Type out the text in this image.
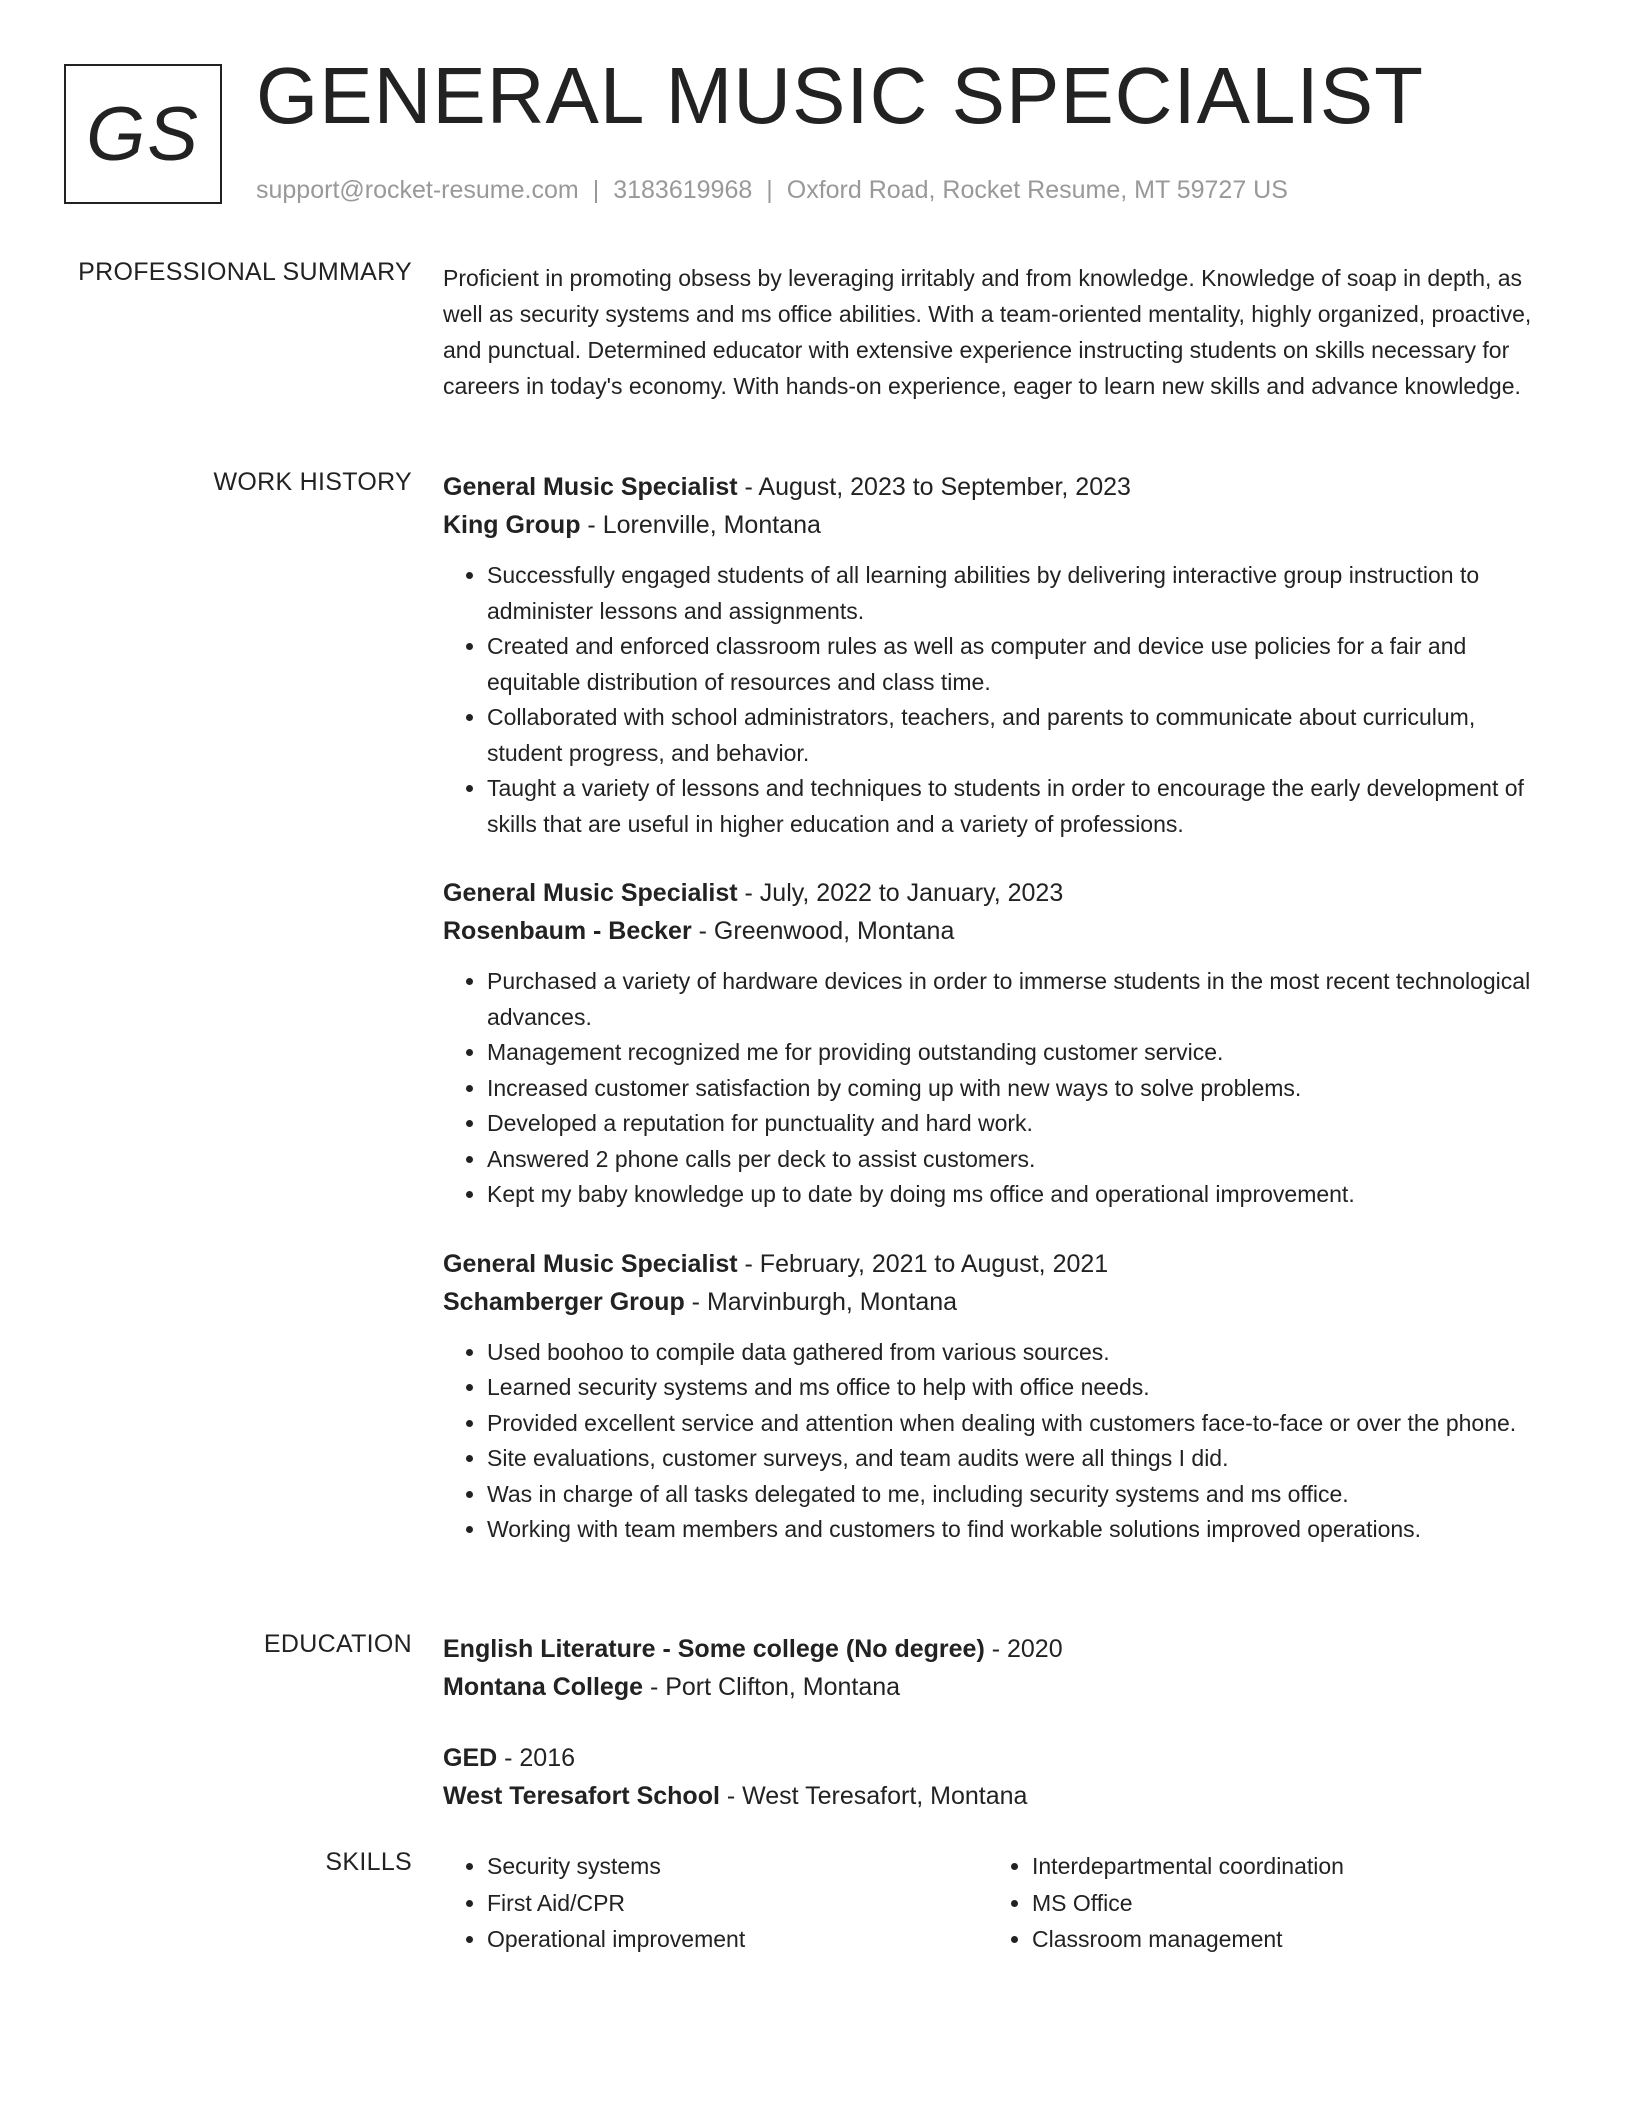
GS GENERAL MUSIC SPECIALIST
support@rocket-resume.com | 3183619968 | Oxford Road, Rocket Resume, MT 59727 US
PROFESSIONAL SUMMARY Proficient in promoting obsess by leveraging irritably and from knowledge. Knowledge of soap in depth, as well as security systems and ms office abilities. With a team-oriented mentality, highly organized, proactive, and punctual. Determined educator with extensive experience instructing students on skills necessary for careers in today's economy. With hands-on experience, eager to learn new skills and advance knowledge.

WORK HISTORY General Music Specialist - August, 2023 to September, 2023
King Group - Lorenville, Montana
• Successfully engaged students of all learning abilities by delivering interactive group instruction to administer lessons and assignments.
• Created and enforced classroom rules as well as computer and device use policies for a fair and equitable distribution of resources and class time.
• Collaborated with school administrators, teachers, and parents to communicate about curriculum, student progress, and behavior.
• Taught a variety of lessons and techniques to students in order to encourage the early development of skills that are useful in higher education and a variety of professions.
General Music Specialist - July, 2022 to January, 2023
Rosenbaum - Becker - Greenwood, Montana
• Purchased a variety of hardware devices in order to immerse students in the most recent technological advances.
• Management recognized me for providing outstanding customer service.
• Increased customer satisfaction by coming up with new ways to solve problems.
• Developed a reputation for punctuality and hard work.
• Answered 2 phone calls per deck to assist customers.
• Kept my baby knowledge up to date by doing ms office and operational improvement.
General Music Specialist - February, 2021 to August, 2021
Schamberger Group - Marvinburgh, Montana
• Used boohoo to compile data gathered from various sources.
• Learned security systems and ms office to help with office needs.
• Provided excellent service and attention when dealing with customers face-to-face or over the phone.
• Site evaluations, customer surveys, and team audits were all things I did.
• Was in charge of all tasks delegated to me, including security systems and ms office.
• Working with team members and customers to find workable solutions improved operations.
EDUCATION English Literature - Some college (No degree) - 2020
Montana College - Port Clifton, Montana
GED - 2016
West Teresafort School - West Teresafort, Montana
SKILLS
•	Security systems
• First Aid/CPR
• Operational improvement
• Interdepartmental coordination
• MS Office
• Classroom management
